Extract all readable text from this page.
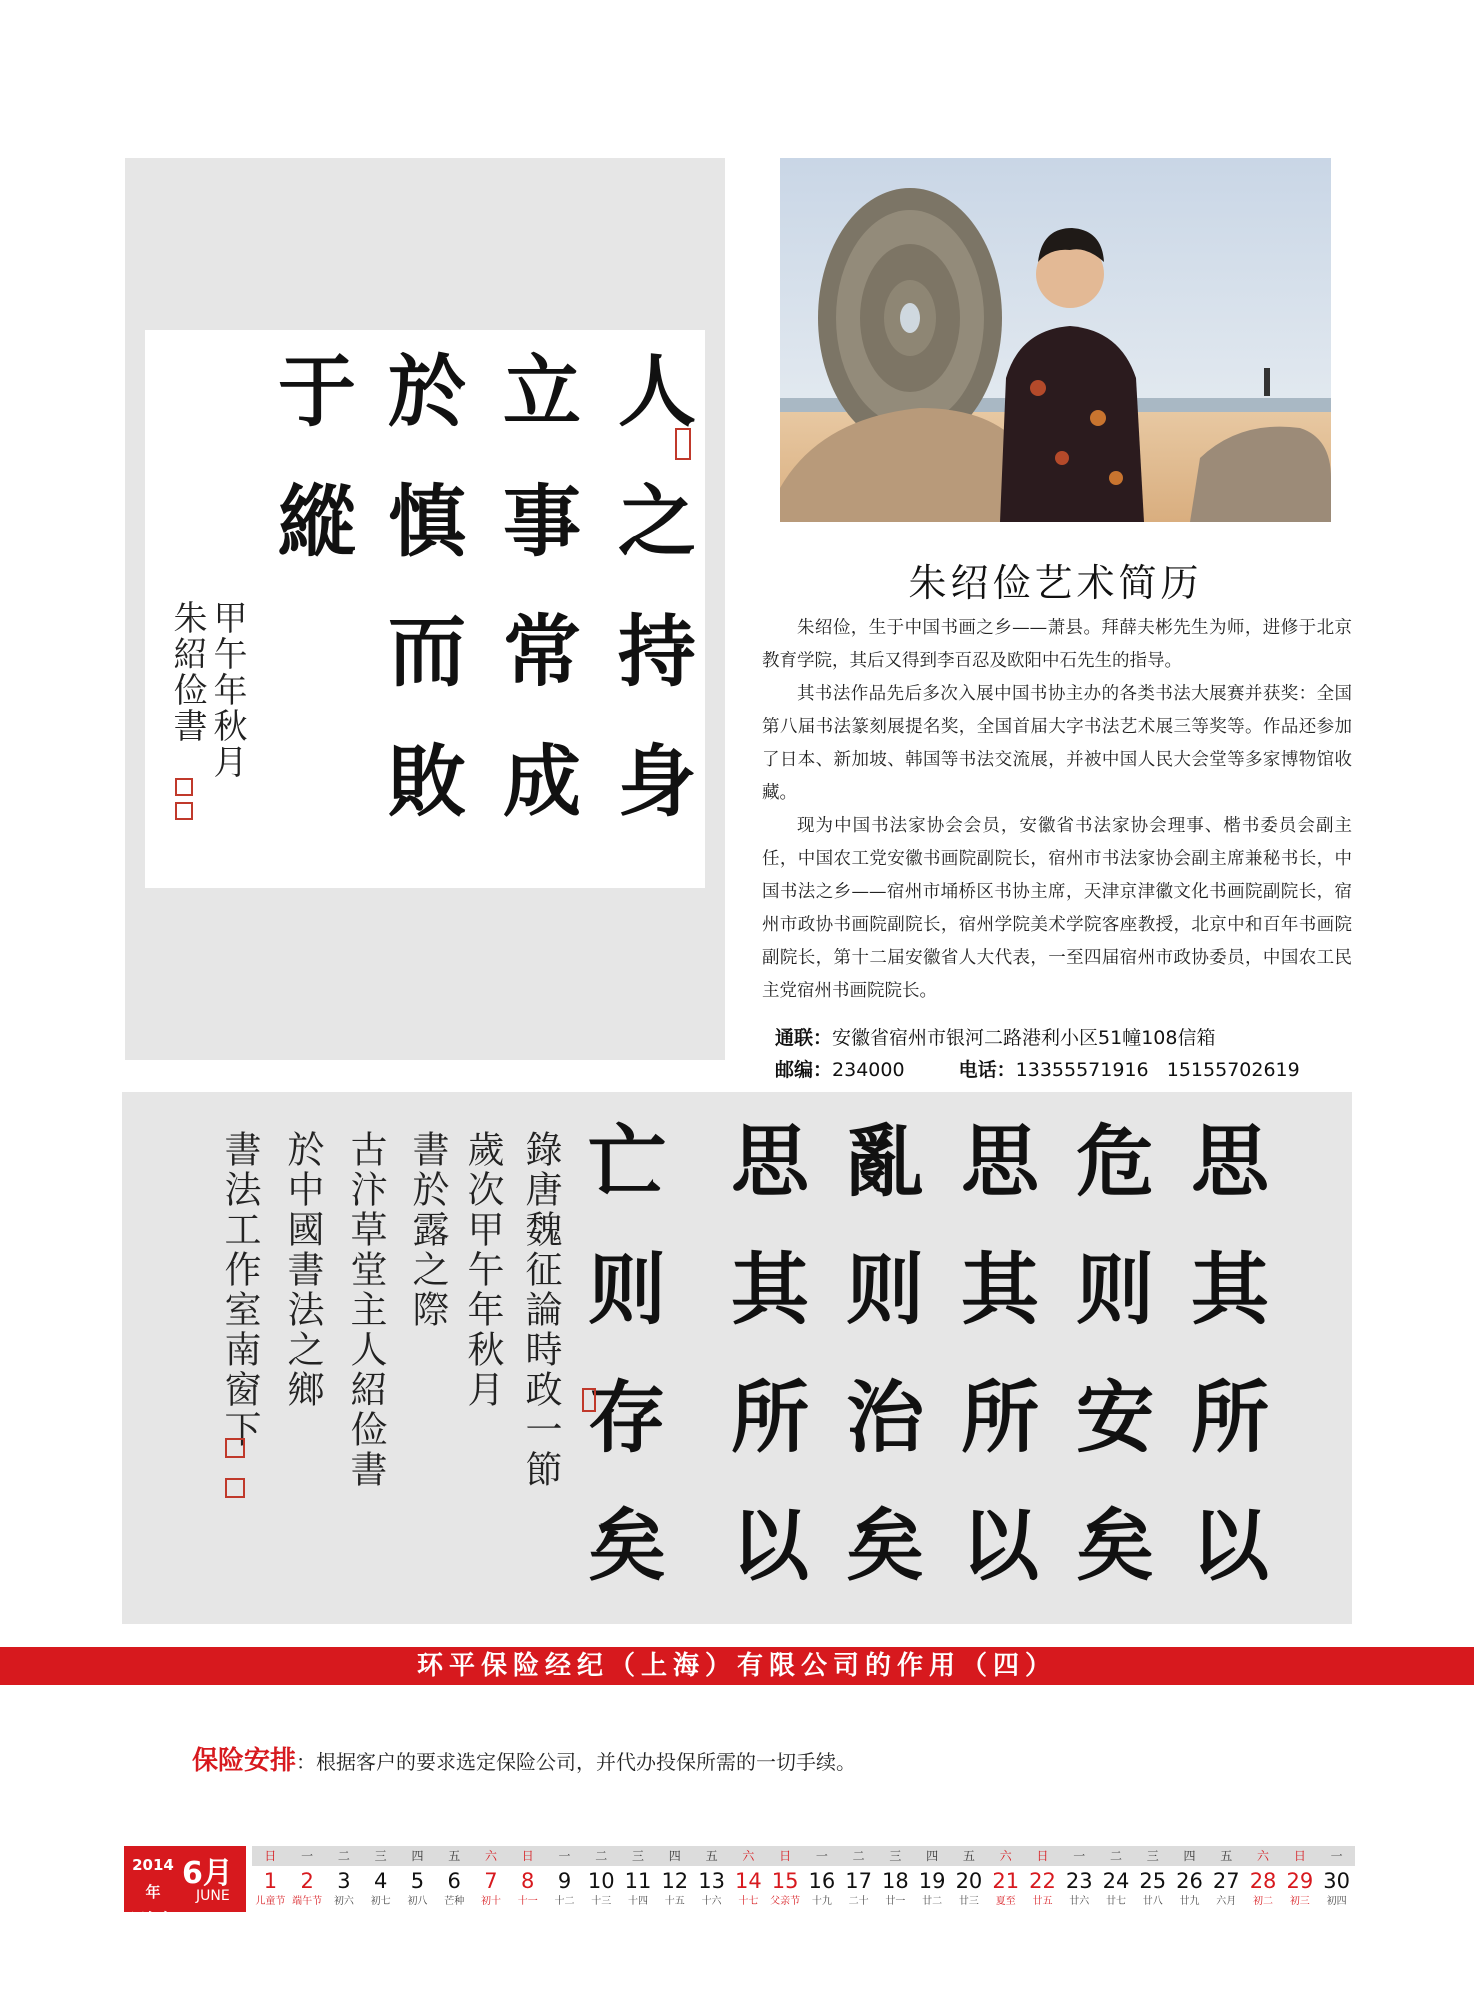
人之持身
立事常成
於慎而敗
于縱
甲午年秋月
朱紹俭書
朱绍俭艺术简历

朱绍俭，生于中国书画之乡——萧县。拜薛夫彬先生为师，进修于北京教育学院，其后又得到李百忍及欧阳中石先生的指导。

其书法作品先后多次入展中国书协主办的各类书法大展赛并获奖：全国第八届书法篆刻展提名奖，全国首届大字书法艺术展三等奖等。作品还参加了日本、新加坡、韩国等书法交流展，并被中国人民大会堂等多家博物馆收藏。

现为中国书法家协会会员，安徽省书法家协会理事、楷书委员会副主任，中国农工党安徽书画院副院长，宿州市书法家协会副主席兼秘书长，中国书法之乡——宿州市埇桥区书协主席，天津京津徽文化书画院副院长，宿州市政协书画院副院长，宿州学院美术学院客座教授，北京中和百年书画院副院长，第十二届安徽省人大代表，一至四届宿州市政协委员，中国农工民主党宿州书画院院长。

通联：安徽省宿州市银河二路港利小区51幢108信箱
邮编：234000	电话：13355571916   15155702619
思其所以
危则安矣
思其所以
亂则治矣
思其所以
亡则存矣
錄唐魏征論時政一節
歲次甲午年秋月
書於露之際
古汴草堂主人紹俭書
於中國書法之鄉
書法工作室南窗下
环平保险经纪（上海）有限公司的作用（四）
保险安排：根据客户的要求选定保险公司，并代办投保所需的一切手续。
2014年
甲午年
6月
JUNE
日
1
儿童节
一
2
端午节
二
3
初六
三
4
初七
四
5
初八
五
6
芒种
六
7
初十
日
8
十一
一
9
十二
二
10
十三
三
11
十四
四
12
十五
五
13
十六
六
14
十七
日
15
父亲节
一
16
十九
二
17
二十
三
18
廿一
四
19
廿二
五
20
廿三
六
21
夏至
日
22
廿五
一
23
廿六
二
24
廿七
三
25
廿八
四
26
廿九
五
27
六月
六
28
初二
日
29
初三
一
30
初四
